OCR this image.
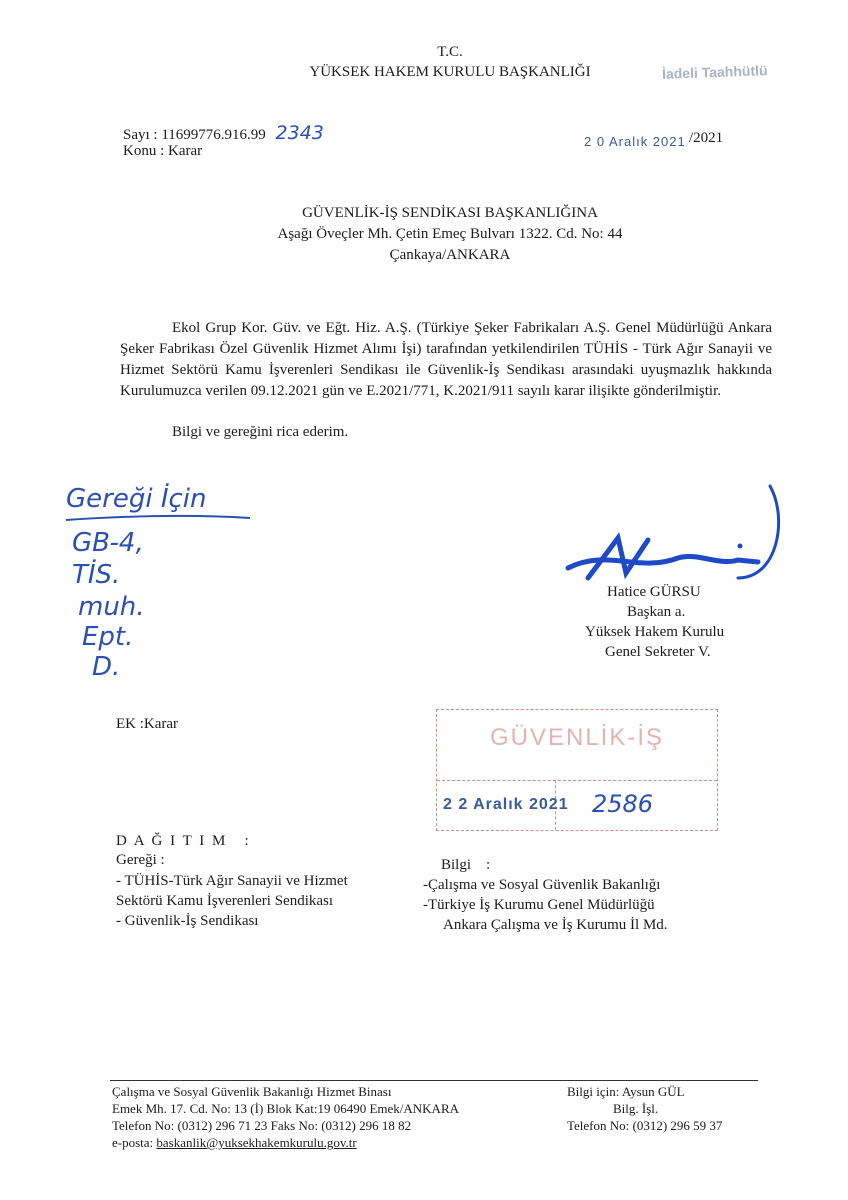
T.C.
YÜKSEK HAKEM KURULU BAŞKANLIĞI	İadeli Taahhütlü
Sayı : 11699776.916.99 2343
Konu : Karar
2 0 Aralık 2021 /2021
GÜVENLİK-İŞ SENDİKASI BAŞKANLIĞINA
Aşağı Öveçler Mh. Çetin Emeç Bulvarı 1322. Cd. No: 44
Çankaya/ANKARA
Ekol Grup Kor. Güv. ve Eğt. Hiz. A.Ş. (Türkiye Şeker Fabrikaları A.Ş. Genel Müdürlüğü Ankara Şeker Fabrikası Özel Güvenlik Hizmet Alımı İşi) tarafından yetkilendirilen TÜHİS - Türk Ağır Sanayii ve Hizmet Sektörü Kamu İşverenleri Sendikası ile Güvenlik-İş Sendikası arasındaki uyuşmazlık hakkında Kurulumuzca verilen 09.12.2021 gün ve E.2021/771, K.2021/911 sayılı karar ilişikte gönderilmiştir.
Bilgi ve gereğini rica ederim.
Gereği İçin
GB-4,
TİS.
muh.
Ept.
D.
Hatice GÜRSU
Başkan a.
Yüksek Hakem Kurulu
Genel Sekreter V.
EK :Karar	GÜVENLİK-İŞ
2 2 Aralık 2021 2586
D A Ğ I T I M   :
Gereği :
- TÜHİS-Türk Ağır Sanayii ve Hizmet
Sektörü Kamu İşverenleri Sendikası
- Güvenlik-İş Sendikası
Bilgi    :
-Çalışma ve Sosyal Güvenlik Bakanlığı
-Türkiye İş Kurumu Genel Müdürlüğü
Ankara Çalışma ve İş Kurumu İl Md.
Çalışma ve Sosyal Güvenlik Bakanlığı Hizmet Binası
Emek Mh. 17. Cd. No: 13 (İ) Blok Kat:19 06490 Emek/ANKARA
Telefon No: (0312) 296 71 23 Faks No: (0312) 296 18 82
e-posta: baskanlik@yuksekhakemkurulu.gov.tr
Bilgi için: Aysun GÜL
Bilg. İşl.
Telefon No: (0312) 296 59 37
